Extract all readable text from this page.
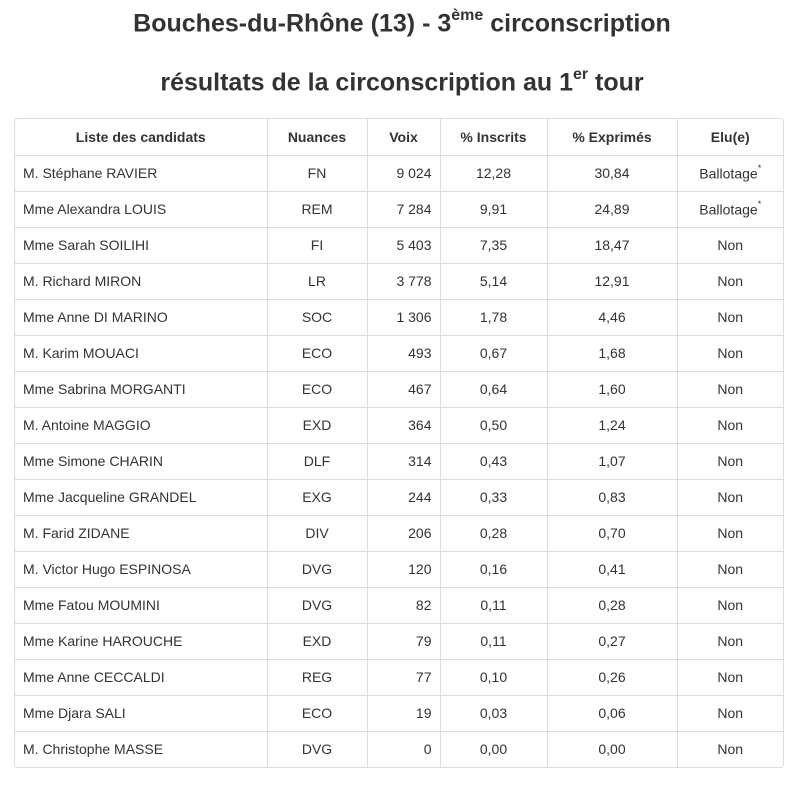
Bouches-du-Rhône (13) - 3ème circonscription
résultats de la circonscription au 1er tour
Liste des candidats	Nuances	Voix	% Inscrits	% Exprimés	Elu(e)
M. Stéphane RAVIER	FN	9 024	12,28	30,84	Ballotage*
Mme Alexandra LOUIS	REM	7 284	9,91	24,89	Ballotage*
Mme Sarah SOILIHI	FI	5 403	7,35	18,47	Non
M. Richard MIRON	LR	3 778	5,14	12,91	Non
Mme Anne DI MARINO	SOC	1 306	1,78	4,46	Non
M. Karim MOUACI	ECO	493	0,67	1,68	Non
Mme Sabrina MORGANTI	ECO	467	0,64	1,60	Non
M. Antoine MAGGIO	EXD	364	0,50	1,24	Non
Mme Simone CHARIN	DLF	314	0,43	1,07	Non
Mme Jacqueline GRANDEL	EXG	244	0,33	0,83	Non
M. Farid ZIDANE	DIV	206	0,28	0,70	Non
M. Victor Hugo ESPINOSA	DVG	120	0,16	0,41	Non
Mme Fatou MOUMINI	DVG	82	0,11	0,28	Non
Mme Karine HAROUCHE	EXD	79	0,11	0,27	Non
Mme Anne CECCALDI	REG	77	0,10	0,26	Non
Mme Djara SALI	ECO	19	0,03	0,06	Non
M. Christophe MASSE	DVG	0	0,00	0,00	Non
